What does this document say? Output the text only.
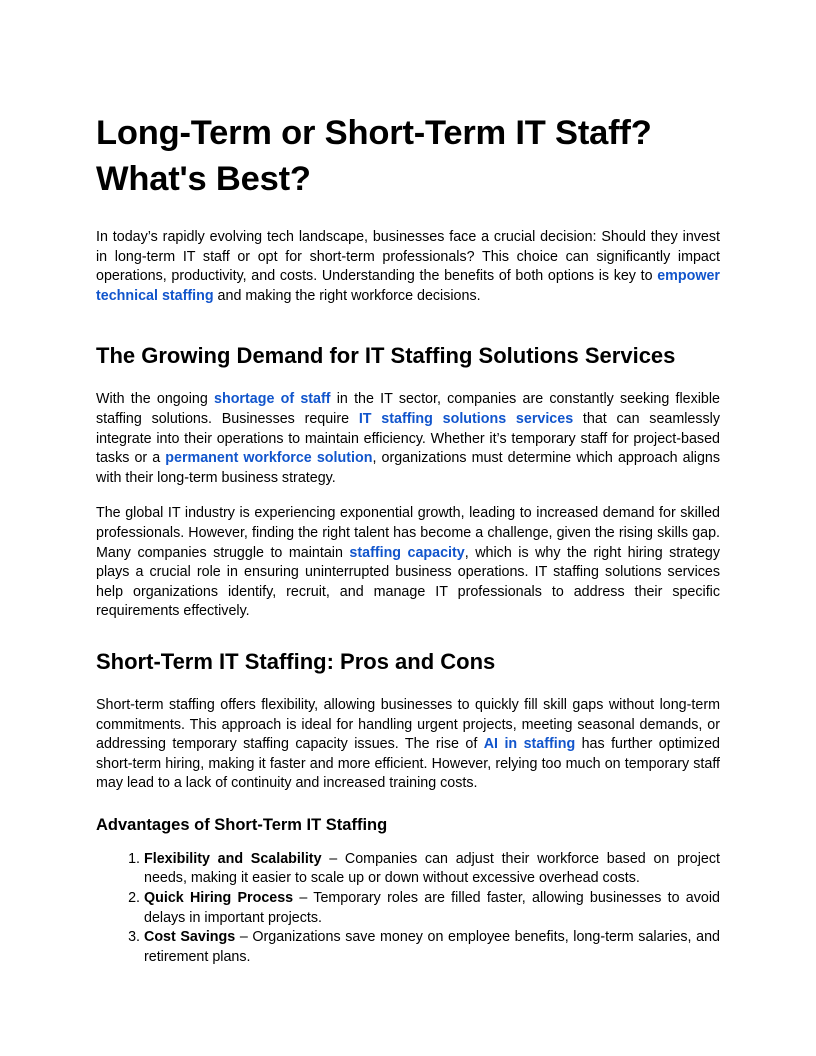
Long-Term or Short-Term IT Staff? What's Best?

In today’s rapidly evolving tech landscape, businesses face a crucial decision: Should they invest in long-term IT staff or opt for short-term professionals? This choice can significantly impact operations, productivity, and costs. Understanding the benefits of both options is key to empower technical staffing and making the right workforce decisions.

The Growing Demand for IT Staffing Solutions Services

With the ongoing shortage of staff in the IT sector, companies are constantly seeking flexible staffing solutions. Businesses require IT staffing solutions services that can seamlessly integrate into their operations to maintain efficiency. Whether it’s temporary staff for project-based tasks or a permanent workforce solution, organizations must determine which approach aligns with their long-term business strategy.

The global IT industry is experiencing exponential growth, leading to increased demand for skilled professionals. However, finding the right talent has become a challenge, given the rising skills gap. Many companies struggle to maintain staffing capacity, which is why the right hiring strategy plays a crucial role in ensuring uninterrupted business operations. IT staffing solutions services help organizations identify, recruit, and manage IT professionals to address their specific requirements effectively.

Short-Term IT Staffing: Pros and Cons

Short-term staffing offers flexibility, allowing businesses to quickly fill skill gaps without long-term commitments. This approach is ideal for handling urgent projects, meeting seasonal demands, or addressing temporary staffing capacity issues. The rise of AI in staffing has further optimized short-term hiring, making it faster and more efficient. However, relying too much on temporary staff may lead to a lack of continuity and increased training costs.

Advantages of Short-Term IT Staffing
1. Flexibility and Scalability – Companies can adjust their workforce based on project needs, making it easier to scale up or down without excessive overhead costs.
2. Quick Hiring Process – Temporary roles are filled faster, allowing businesses to avoid delays in important projects.
3. Cost Savings – Organizations save money on employee benefits, long-term salaries, and retirement plans.
